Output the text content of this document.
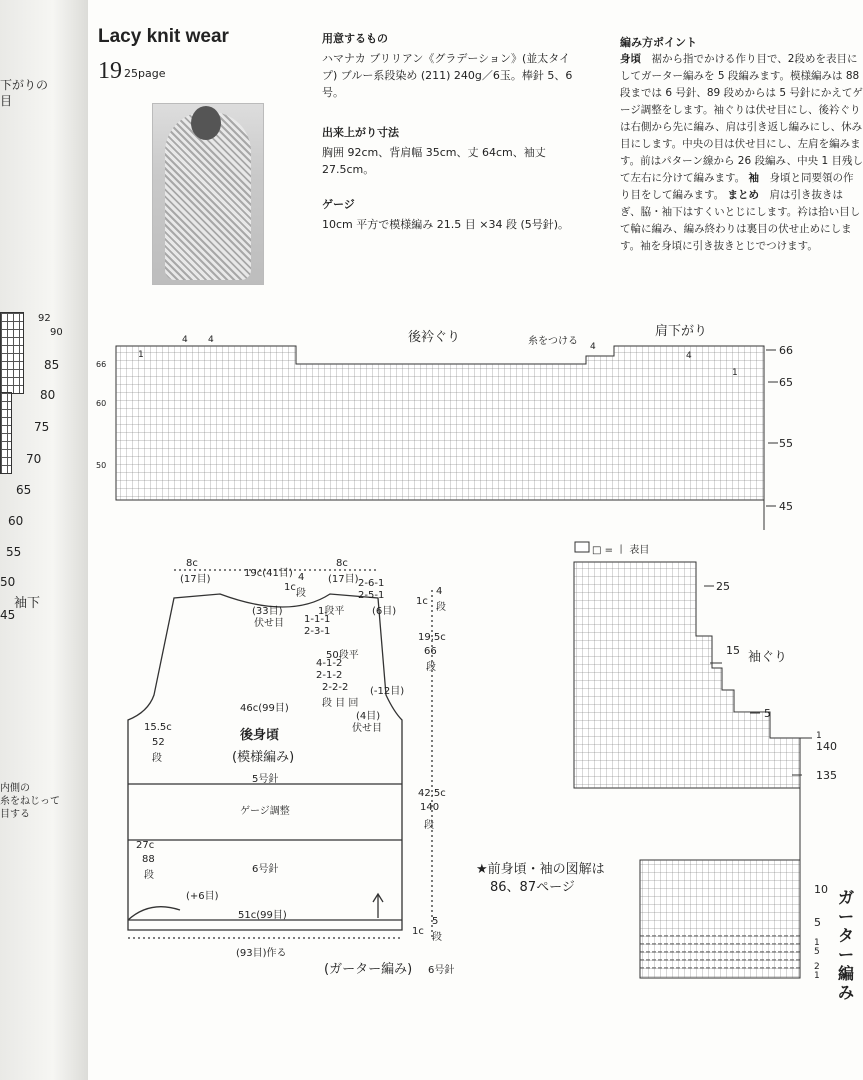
下がりの
目
92
90
85
80
75
70
65
60
55
50
袖下
45
内側の
糸をねじって
目する
Lacy knit wear
19 25page
用意するもの
ハマナカ ブリリアン《グラデーション》(並太タイプ) ブルー系段染め (211) 240g／6玉。棒針 5、6号。
出来上がり寸法
胸囲 92cm、背肩幅 35cm、丈 64cm、袖丈 27.5cm。
ゲージ
10cm 平方で模様編み 21.5 目 ×34 段 (5号針)。
編み方ポイント
身頃　 裾から指でかける作り目で、2段めを表目にしてガーター編みを 5 段編みます。模様編みは 88 段までは 6 号針、89 段めからは 5 号針にかえてゲージ調整をします。袖ぐりは伏せ目にし、後衿ぐりは右側から先に編み、肩は引き返し編みにし、休み目にします。中央の目は伏せ目にし、左肩を編みます。前はパターン線から 26 段編み、中央 1 目残して左右に分けて編みます。 袖　 身頃と同要領の作り目をして編みます。 まとめ　 肩は引き抜きはぎ、脇・袖下はすくいとじにします。衿は拾い目して輪に編み、編み終わりは裏目の伏せ止めにします。袖を身頃に引き抜きとじでつけます。
後衿ぐり	肩下がり
糸をつける
66
60
50
66
65
55
45
1
4
4
4
4
1
8c
(17目)
19c(41目)
8c
(17目)
4
段
1c
(33目)
伏せ目
1段平
1-1-1
2-3-1
2-6-1
2-5-1
(6目)
1c
4
段
19.5c
66
段
50段平
4-1-2
2-1-2
2-2-2
段 目 回
(-12目)
(4目)
伏せ目
46c(99目)
後身頃
(模様編み)
5号針
ゲージ調整
6号針
15.5c
52
段
42.5c
140
段
27c
88
段
(+6目)
51c(99目)
1c
5
段
(93目)作る
(ガーター編み) 6号針
□ = 丨 表目
25
15 袖ぐり
5
1
140
135
10
5
1
5
2
1
ガーター編み
★前身頃・袖の図解は
86、87ページ
